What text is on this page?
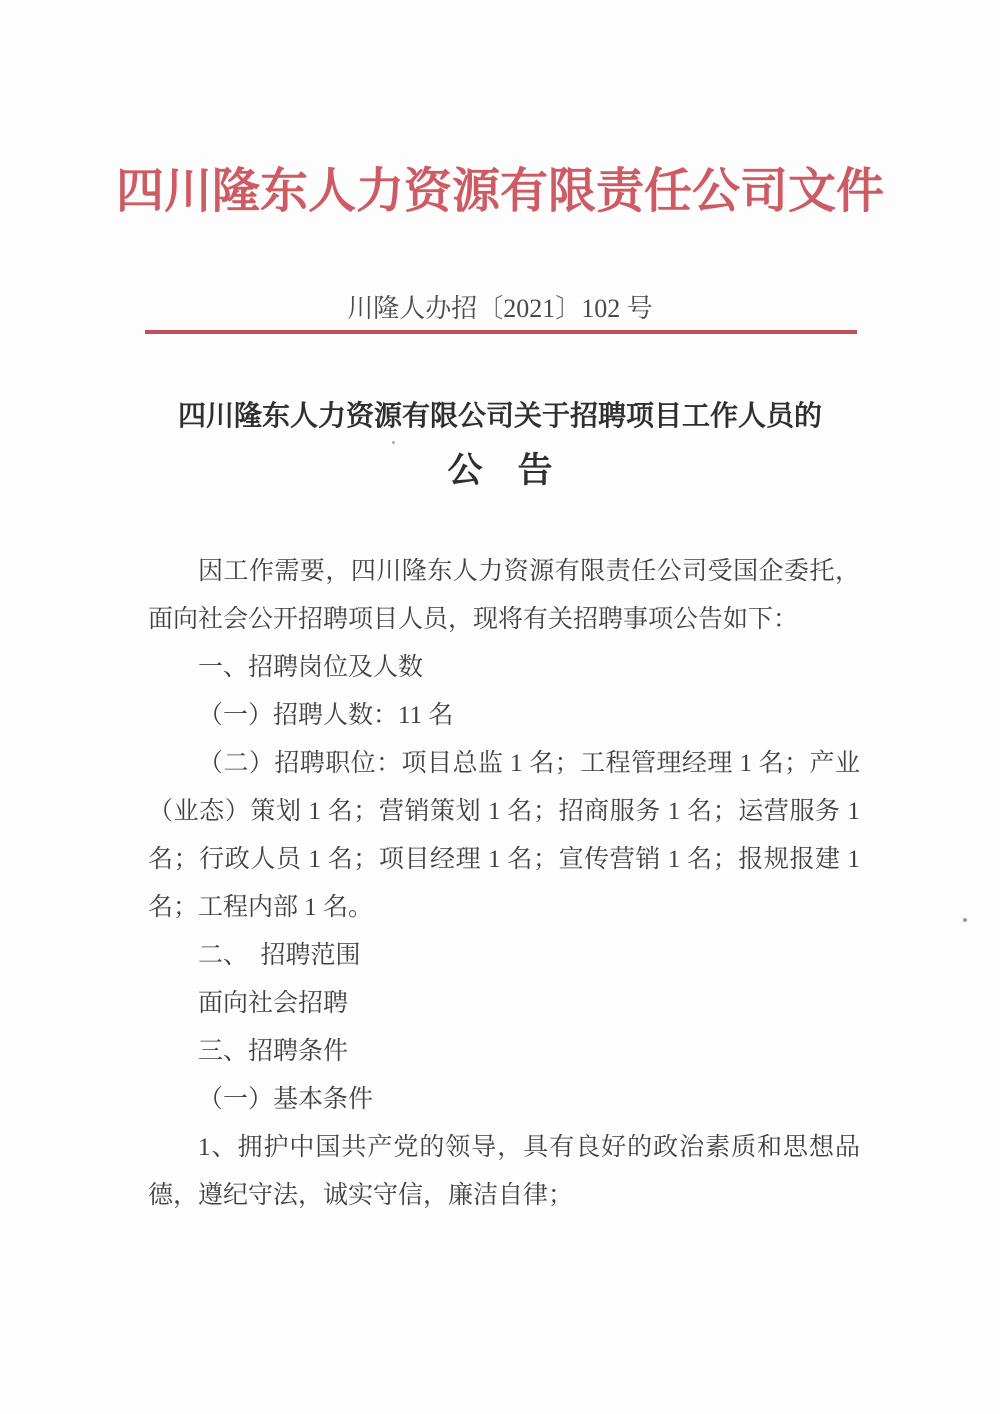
四川隆东人力资源有限责任公司文件
川隆人办招〔2021〕102 号
四川隆东人力资源有限公司关于招聘项目工作人员的
公　告

因工作需要，四川隆东人力资源有限责任公司受国企委托，

面向社会公开招聘项目人员，现将有关招聘事项公告如下：

一、招聘岗位及人数

（一）招聘人数：11 名

（二）招聘职位：项目总监 1 名；工程管理经理 1 名；产业

（业态）策划 1 名；营销策划 1 名；招商服务 1 名；运营服务 1

名；行政人员 1 名；项目经理 1 名；宣传营销 1 名；报规报建 1

名；工程内部 1 名。

二、　招聘范围

面向社会招聘

三、招聘条件

（一）基本条件

1、拥护中国共产党的领导，具有良好的政治素质和思想品

德，遵纪守法，诚实守信，廉洁自律；
